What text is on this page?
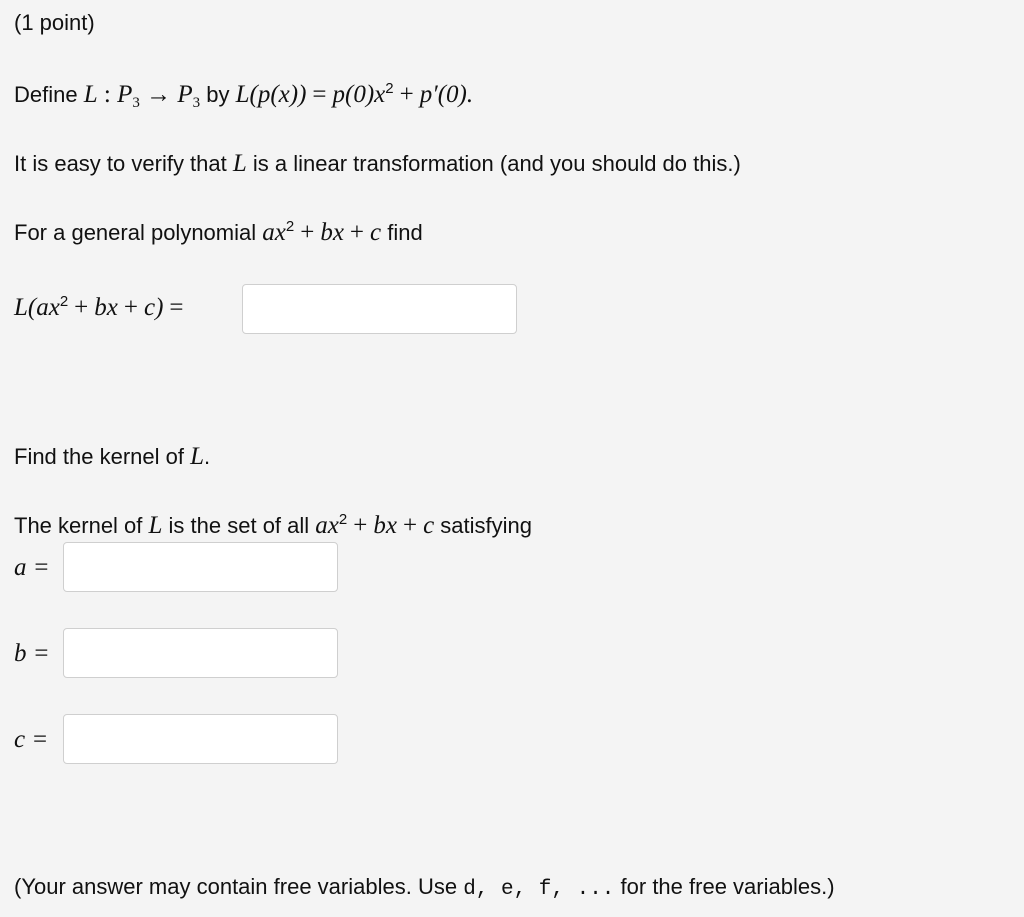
(1 point)
Define L : $P_3 \to P_3$ by $L(p(x)) = p(0)x^2 + p'(0)$.
It is easy to verify that L is a linear transformation (and you should do this.)
For a general polynomial $ax^2$ + bx + c find
$L(ax^2$ + bx + c) =
Find the kernel of L.
The kernel of L is the set of all $ax^2$ + bx + c satisfying
a =
b =
c =
(Your answer may contain free variables. Use d, e, f, ... for the free variables.)
